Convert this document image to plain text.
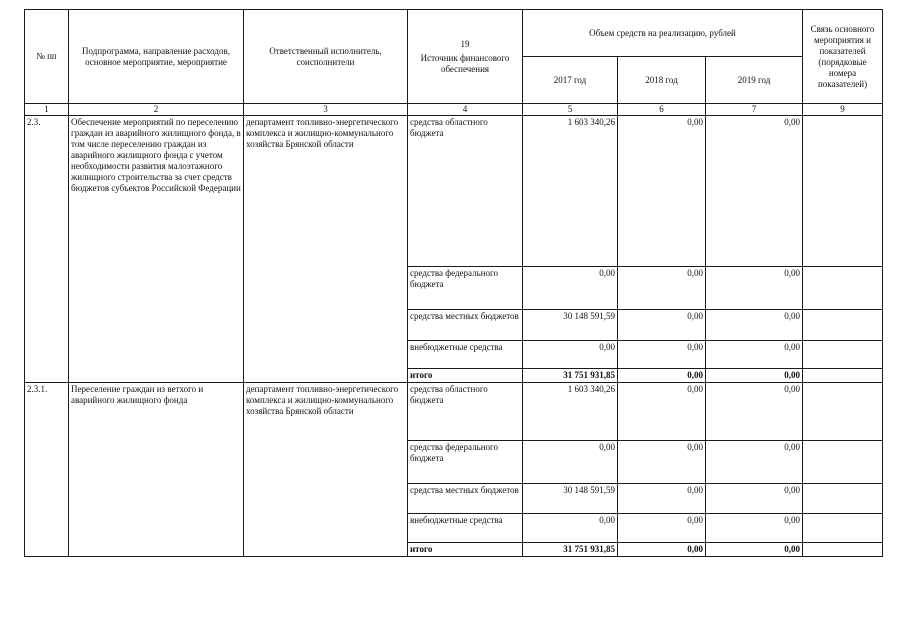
№ пп	Подпрограмма, направление расходов, основное мероприятие, мероприятие	Ответственный исполнитель, соисполнители	19
Источник финансового обеспечения	Объем средств на реализацию, рублей			Связь основного мероприятия и показателей (порядковые номера показателей)
				2017 год	2018 год	2019 год	
1	2	3	4	5	6	7	9
2.3.	Обеспечение мероприятий по переселению граждан из аварийного жилищного фонда, в том числе переселению граждан из аварийного жилищного фонда с учетом необходимости развития малоэтажного жилищного строительства за счет средств бюджетов субъектов Российской Федерации	департамент топливно-энергетического комплекса и жилищно-коммунального хозяйства Брянской области	средства областного бюджета	1 603 340,26	0,00	0,00	
			средства федерального бюджета	0,00	0,00	0,00	
			средства местных бюджетов	30 148 591,59	0,00	0,00	
			внебюджетные средства	0,00	0,00	0,00	
			итого	31 751 931,85	0,00	0,00	
2.3.1.	Переселение граждан из ветхого и аварийного жилищного фонда	департамент топливно-энергетического комплекса и жилищно-коммунального хозяйства Брянской области	средства областного бюджета	1 603 340,26	0,00	0,00	
			средства федерального бюджета	0,00	0,00	0,00	
			средства местных бюджетов	30 148 591,59	0,00	0,00	
			внебюджетные средства	0,00	0,00	0,00	
			итого	31 751 931,85	0,00	0,00	
